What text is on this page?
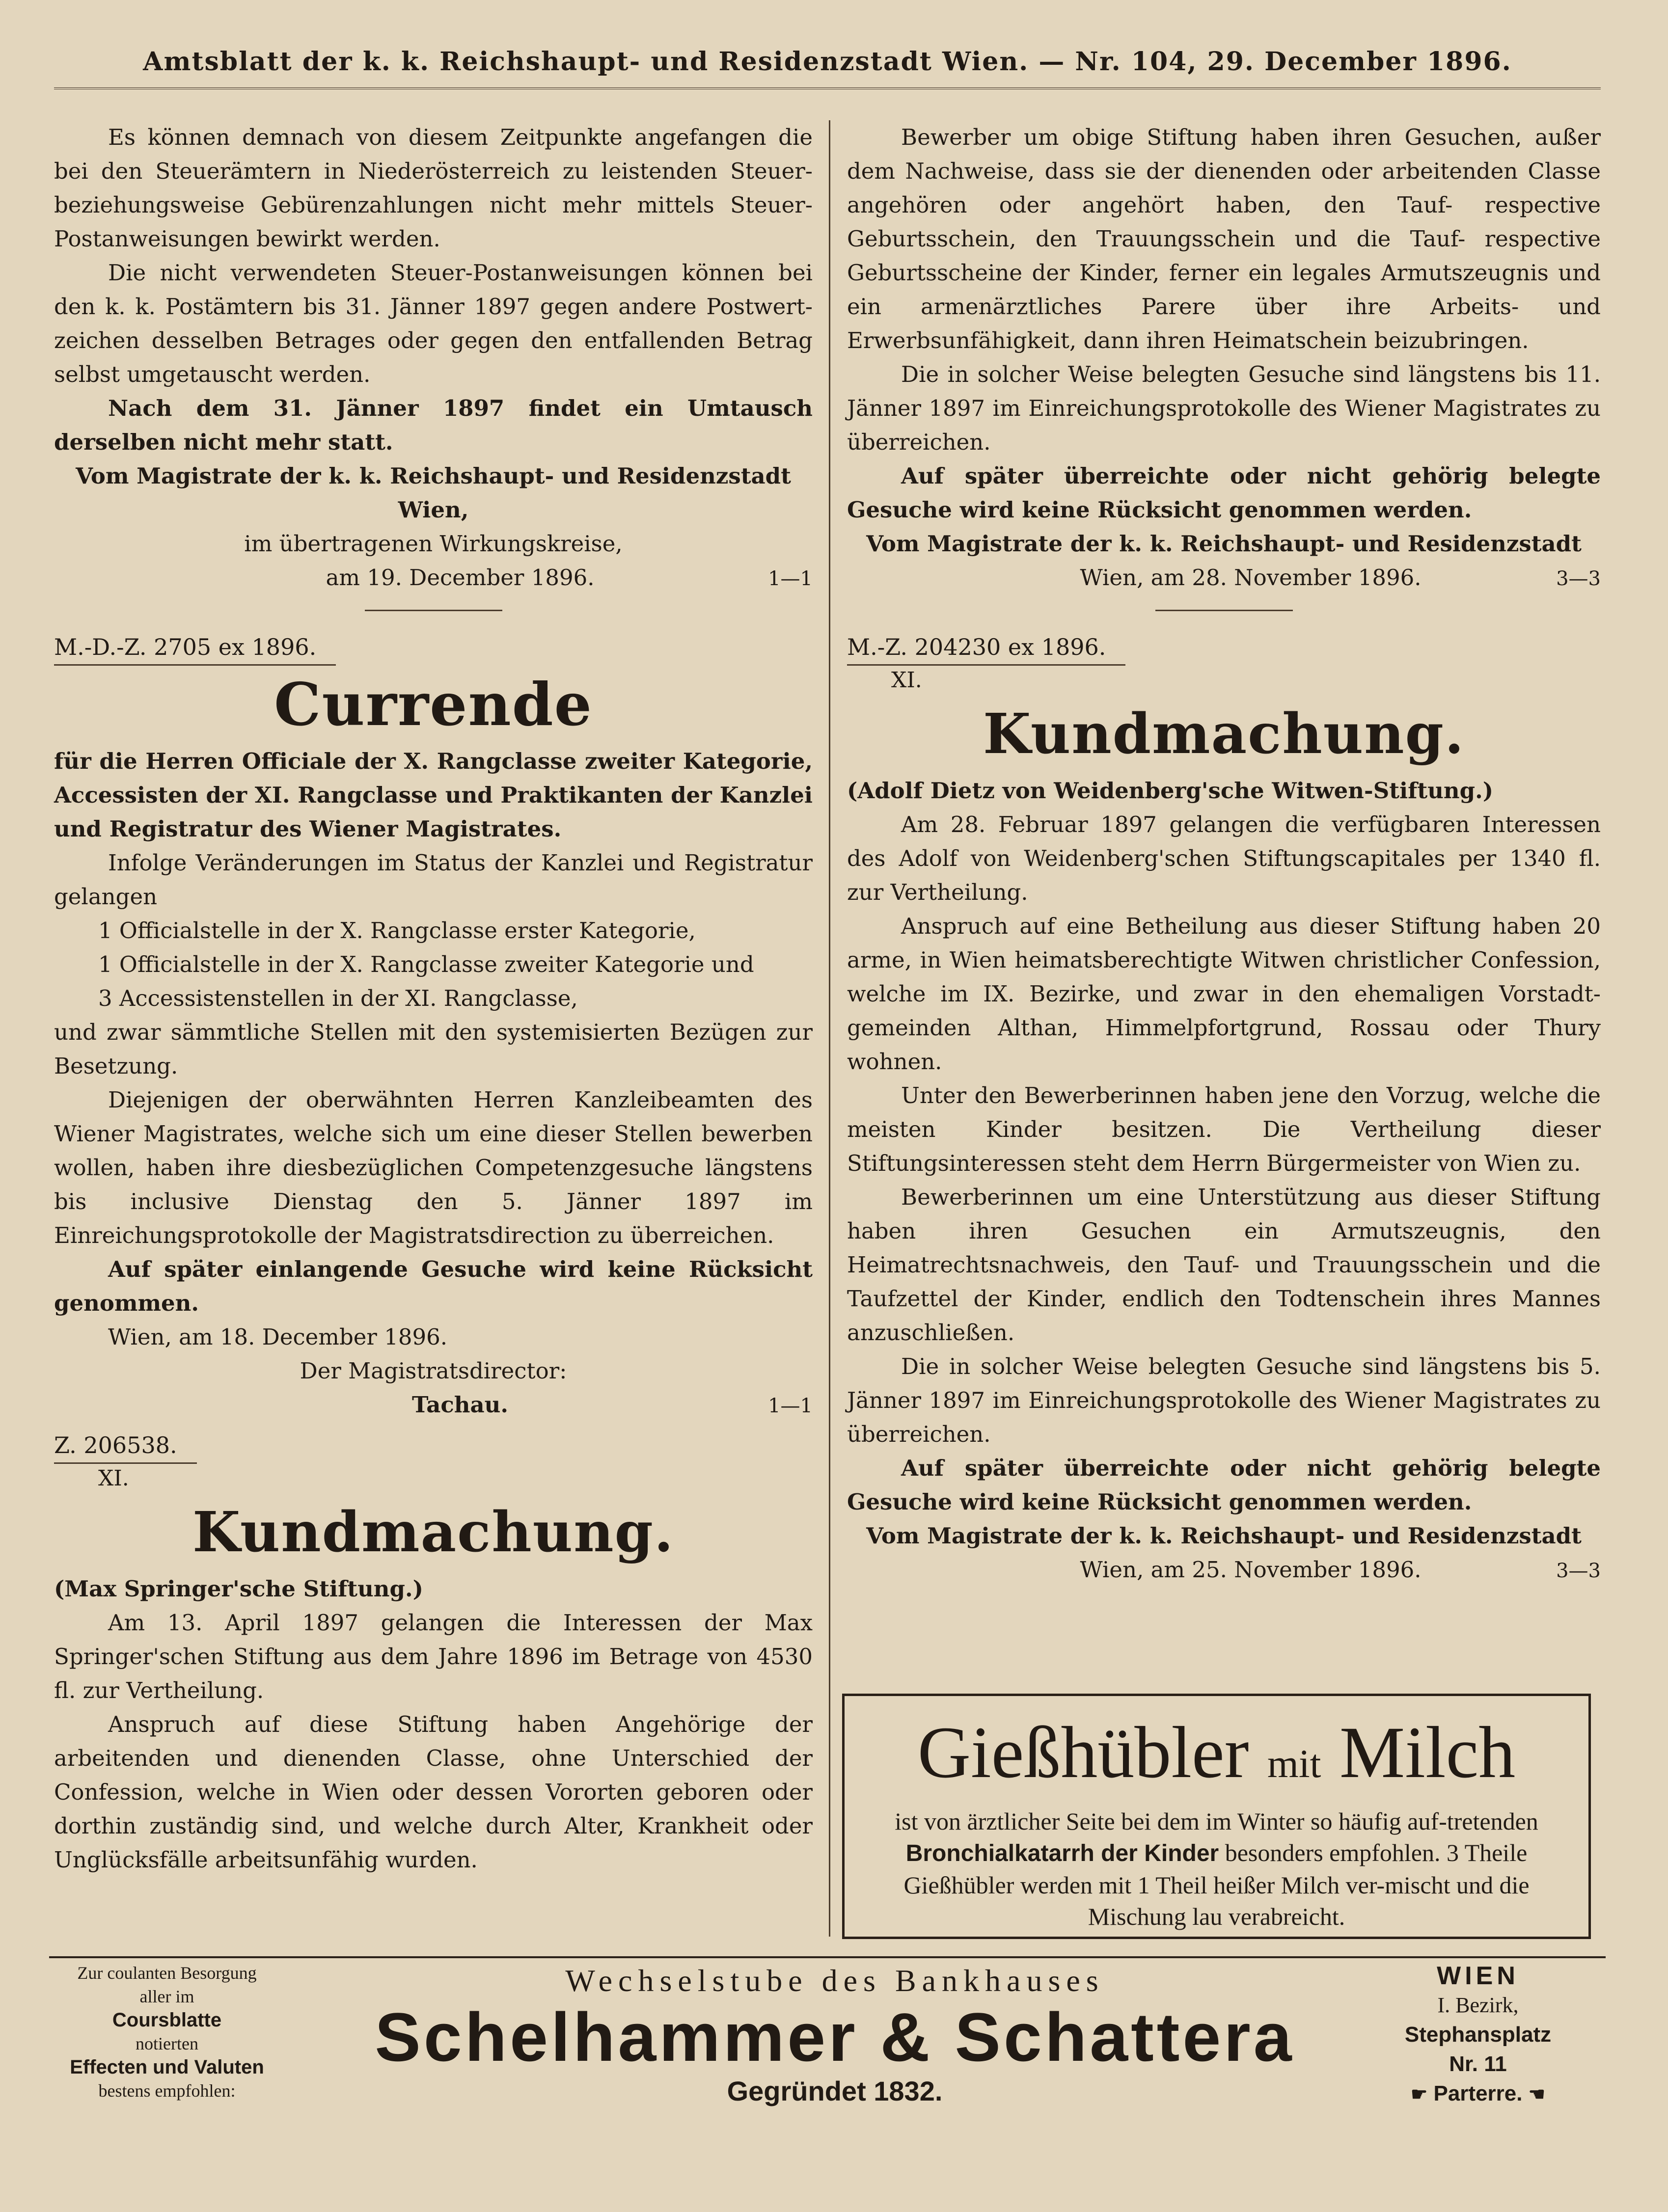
Amtsblatt der k. k. Reichshaupt- und Residenzstadt Wien. — Nr. 104, 29. December 1896.

Es können demnach von diesem Zeitpunkte angefangen die bei den Steuerämtern in Niederösterreich zu leistenden Steuer- beziehungsweise Gebürenzahlungen nicht mehr mittels Steuer-Postanweisungen bewirkt werden.

Die nicht verwendeten Steuer-Postanweisungen können bei den k. k. Postämtern bis 31. Jänner 1897 gegen andere Postwert-zeichen desselben Betrages oder gegen den entfallenden Betrag selbst umgetauscht werden.

Nach dem 31. Jänner 1897 findet ein Umtausch derselben nicht mehr statt.

Vom Magistrate der k. k. Reichshaupt- und Residenzstadt Wien,

im übertragenen Wirkungskreise,

am 19. December 1896.	1—1
M.-D.-Z. 2705 ex 1896.
Currende

für die Herren Officiale der X. Rangclasse zweiter Kategorie, Accessisten der XI. Rangclasse und Praktikanten der Kanzlei und Registratur des Wiener Magistrates.

Infolge Veränderungen im Status der Kanzlei und Registratur gelangen

1 Officialstelle in der X. Rangclasse erster Kategorie,

1 Officialstelle in der X. Rangclasse zweiter Kategorie und

3 Accessistenstellen in der XI. Rangclasse,

und zwar sämmtliche Stellen mit den systemisierten Bezügen zur Besetzung.

Diejenigen der oberwähnten Herren Kanzleibeamten des Wiener Magistrates, welche sich um eine dieser Stellen bewerben wollen, haben ihre diesbezüglichen Competenzgesuche längstens bis inclusive Dienstag den 5. Jänner 1897 im Einreichungsprotokolle der Magistratsdirection zu überreichen.

Auf später einlangende Gesuche wird keine Rücksicht genommen.

Wien, am 18. December 1896.

Der Magistratsdirector:

Tachau.	1—1
Z. 206538.
XI.
Kundmachung.

(Max Springer'sche Stiftung.)

Am 13. April 1897 gelangen die Interessen der Max Springer'schen Stiftung aus dem Jahre 1896 im Betrage von 4530 fl. zur Vertheilung.

Anspruch auf diese Stiftung haben Angehörige der arbeitenden und dienenden Classe, ohne Unterschied der Confession, welche in Wien oder dessen Vororten geboren oder dorthin zuständig sind, und welche durch Alter, Krankheit oder Unglücksfälle arbeitsunfähig wurden.

Bewerber um obige Stiftung haben ihren Gesuchen, außer dem Nachweise, dass sie der dienenden oder arbeitenden Classe angehören oder angehört haben, den Tauf- respective Geburtsschein, den Trauungsschein und die Tauf- respective Geburtsscheine der Kinder, ferner ein legales Armutszeugnis und ein armenärztliches Parere über ihre Arbeits- und Erwerbsunfähigkeit, dann ihren Heimatschein beizubringen.

Die in solcher Weise belegten Gesuche sind längstens bis 11. Jänner 1897 im Einreichungsprotokolle des Wiener Magistrates zu überreichen.

Auf später überreichte oder nicht gehörig belegte Gesuche wird keine Rücksicht genommen werden.

Vom Magistrate der k. k. Reichshaupt- und Residenzstadt

Wien, am 28. November 1896.	3—3
M.-Z. 204230 ex 1896.
XI.
Kundmachung.

(Adolf Dietz von Weidenberg'sche Witwen-Stiftung.)

Am 28. Februar 1897 gelangen die verfügbaren Interessen des Adolf von Weidenberg'schen Stiftungscapitales per 1340 fl. zur Vertheilung.

Anspruch auf eine Betheilung aus dieser Stiftung haben 20 arme, in Wien heimatsberechtigte Witwen christlicher Confession, welche im IX. Bezirke, und zwar in den ehemaligen Vorstadt-gemeinden Althan, Himmelpfortgrund, Rossau oder Thury wohnen.

Unter den Bewerberinnen haben jene den Vorzug, welche die meisten Kinder besitzen. Die Vertheilung dieser Stiftungsinteressen steht dem Herrn Bürgermeister von Wien zu.

Bewerberinnen um eine Unterstützung aus dieser Stiftung haben ihren Gesuchen ein Armutszeugnis, den Heimatrechtsnachweis, den Tauf- und Trauungsschein und die Taufzettel der Kinder, endlich den Todtenschein ihres Mannes anzuschließen.

Die in solcher Weise belegten Gesuche sind längstens bis 5. Jänner 1897 im Einreichungsprotokolle des Wiener Magistrates zu überreichen.

Auf später überreichte oder nicht gehörig belegte Gesuche wird keine Rücksicht genommen werden.

Vom Magistrate der k. k. Reichshaupt- und Residenzstadt

Wien, am 25. November 1896.	3—3
Gießhübler mit Milch
ist von ärztlicher Seite bei dem im Winter so häufig auf-tretenden Bronchialkatarrh der Kinder besonders empfohlen. 3 Theile Gießhübler werden mit 1 Theil heißer Milch ver-mischt und die Mischung lau verabreicht.
Zur coulanten Besorgung
aller im
Coursblatte
notierten
Effecten und Valuten
bestens empfohlen:
Wechselstube des Bankhauses
Schelhammer & Schattera
Gegründet 1832.
WIEN
I. Bezirk,
Stephansplatz
Nr. 11
☛ Parterre. ☚
